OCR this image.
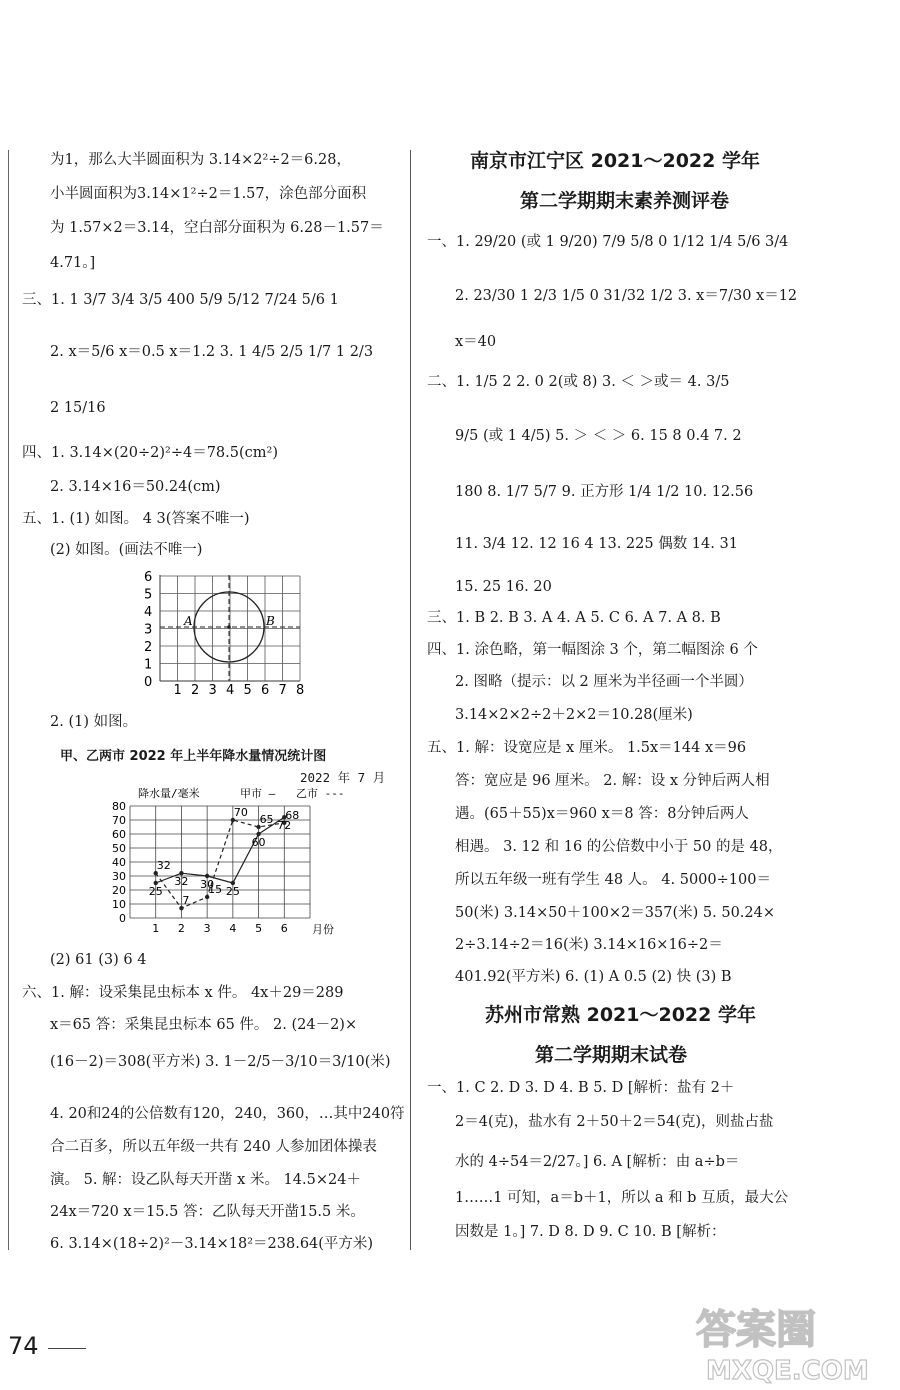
为1，那么大半圆面积为 3.14×2²÷2＝6.28，
小半圆面积为3.14×1²÷2＝1.57，涂色部分面积
为 1.57×2＝3.14，空白部分面积为 6.28－1.57＝
4.71。]
三、1. 1 3/7 3/4 3/5 400 5/9 5/12 7/24 5/6 1
2. x＝5/6 x＝0.5 x＝1.2 3. 1 4/5 2/5 1/7 1 2/3
2 15/16
四、1. 3.14×(20÷2)²÷4＝78.5(cm²)
2. 3.14×16＝50.24(cm)
五、1. (1) 如图。 4 3(答案不唯一)
(2) 如图。(画法不唯一)
A	B
0
1
2
3
4
5
6
1 2 3 4 5 6 7 8
2. (1) 如图。
甲、乙两市 2022 年上半年降水量情况统计图
2022 年 7 月
0
10
20
30
40
50
60
70
80
1 2 3 4 5 6
25
32 30
25
60
72
32
7
15
70
65 68
降水量/毫米	甲市 — 乙市 ---
月份
(2) 61 (3) 6 4
六、1. 解：设采集昆虫标本 x 件。 4x＋29＝289
x＝65 答：采集昆虫标本 65 件。 2. (24－2)×
(16－2)＝308(平方米) 3. 1－2/5－3/10＝3/10(米)
4. 20和24的公倍数有120，240，360，…其中240符
合二百多，所以五年级一共有 240 人参加团体操表
演。 5. 解：设乙队每天开凿 x 米。 14.5×24＋
24x＝720 x＝15.5 答：乙队每天开凿15.5 米。
6. 3.14×(18÷2)²－3.14×18²＝238.64(平方米)
南京市江宁区 2021～2022 学年
第二学期期末素养测评卷
一、1. 29/20 (或 1 9/20) 7/9 5/8 0 1/12 1/4 5/6 3/4
2. 23/30 1 2/3 1/5 0 31/32 1/2 3. x＝7/30 x＝12
x＝40
二、1. 1/5 2 2. 0 2(或 8) 3. ＜ ＞或＝ 4. 3/5
9/5 (或 1 4/5) 5. ＞ ＜ ＞ 6. 15 8 0.4 7. 2
180 8. 1/7 5/7 9. 正方形 1/4 1/2 10. 12.56
11. 3/4 12. 12 16 4 13. 225 偶数 14. 31
15. 25 16. 20
三、1. B 2. B 3. A 4. A 5. C 6. A 7. A 8. B
四、1. 涂色略，第一幅图涂 3 个，第二幅图涂 6 个
2. 图略（提示：以 2 厘米为半径画一个半圆）
3.14×2×2÷2＋2×2＝10.28(厘米)
五、1. 解：设宽应是 x 厘米。 1.5x＝144 x＝96
答：宽应是 96 厘米。 2. 解：设 x 分钟后两人相
遇。(65＋55)x＝960 x＝8 答：8分钟后两人
相遇。 3. 12 和 16 的公倍数中小于 50 的是 48，
所以五年级一班有学生 48 人。 4. 5000÷100＝
50(米) 3.14×50＋100×2＝357(米) 5. 50.24×
2÷3.14÷2＝16(米) 3.14×16×16÷2＝
401.92(平方米) 6. (1) A 0.5 (2) 快 (3) B
苏州市常熟 2021～2022 学年
第二学期期末试卷
一、1. C 2. D 3. D 4. B 5. D [解析：盐有 2＋
2＝4(克)，盐水有 2＋50＋2＝54(克)，则盐占盐
水的 4÷54＝2/27。] 6. A [解析：由 a÷b＝
1……1 可知，a＝b＋1，所以 a 和 b 互质，最大公
因数是 1。] 7. D 8. D 9. C 10. B [解析：
74	答案圈
MXQE.COM
